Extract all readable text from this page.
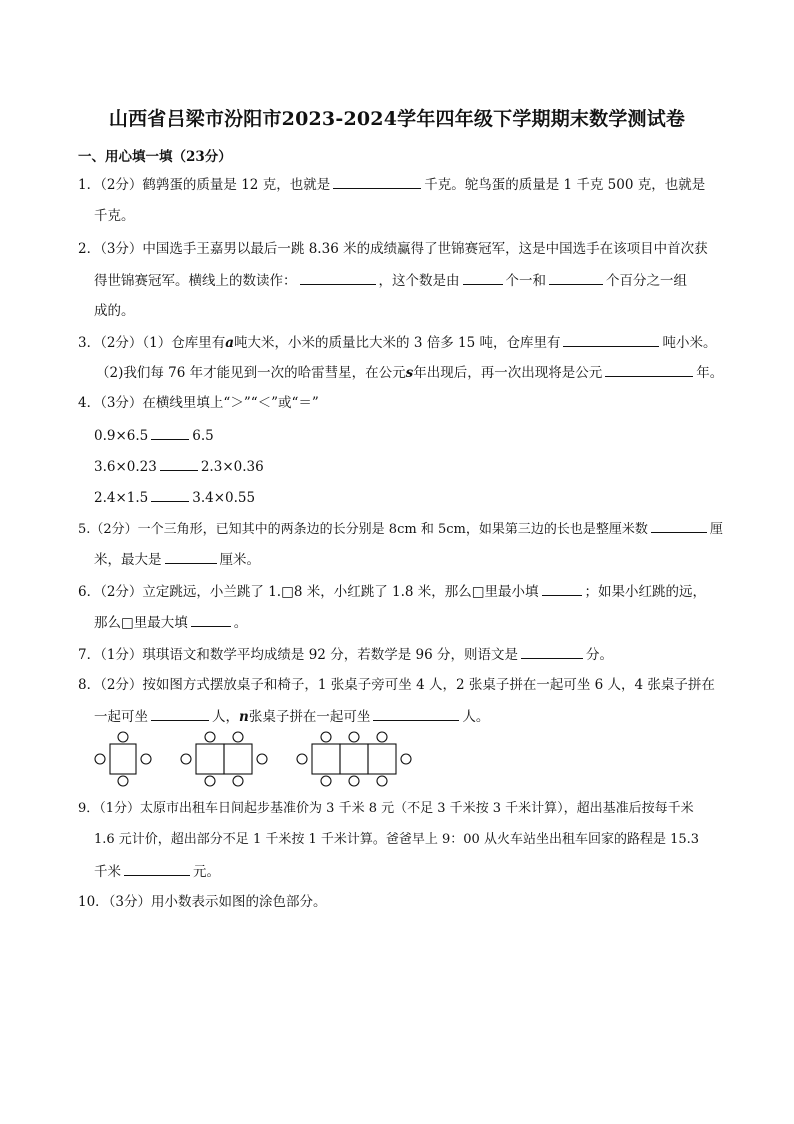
山西省吕梁市汾阳市2023-2024学年四年级下学期期末数学测试卷
一、用心填一填（23分）
1．（2分）鹤鹑蛋的质量是 12 克，也就是	千克。鸵鸟蛋的质量是 1 千克 500 克，也就是
千克。
2．（3分）中国选手王嘉男以最后一跳 8.36 米的成绩赢得了世锦赛冠军，这是中国选手在该项目中首次获
得世锦赛冠军。横线上的数读作：	，这个数是由	个一和	个百分之一组
成的。
3．（2分）（1）仓库里有a吨大米，小米的质量比大米的 3 倍多 15 吨，仓库里有	吨小米。
（2)我们每 76 年才能见到一次的哈雷彗星，在公元s年出现后，再一次出现将是公元	年。
4．（3分）在横线里填上“＞”“＜”或“＝”
0.9×6.5	6.5
3.6×0.23	2.3×0.36
2.4×1.5	3.4×0.55
5.（2分）一个三角形，已知其中的两条边的长分别是 8cm 和 5cm，如果第三边的长也是整厘米数	厘
米，最大是	厘米。
6．（2分）立定跳远，小兰跳了 1.□8 米，小红跳了 1.8 米，那么□里最小填	；如果小红跳的远，
那么□里最大填	。
7．（1分）琪琪语文和数学平均成绩是 92 分，若数学是 96 分，则语文是	分。
8．（2分）按如图方式摆放桌子和椅子，1 张桌子旁可坐 4 人，2 张桌子拼在一起可坐 6 人，4 张桌子拼在
一起可坐	人，n张桌子拼在一起可坐	人。
9．（1分）太原市出租车日间起步基准价为 3 千米 8 元（不足 3 千米按 3 千米计算），超出基准后按每千米
1.6 元计价，超出部分不足 1 千米按 1 千米计算。爸爸早上 9：00 从火车站坐出租车回家的路程是 15.3
千米	元。
10．（3分）用小数表示如图的涂色部分。
